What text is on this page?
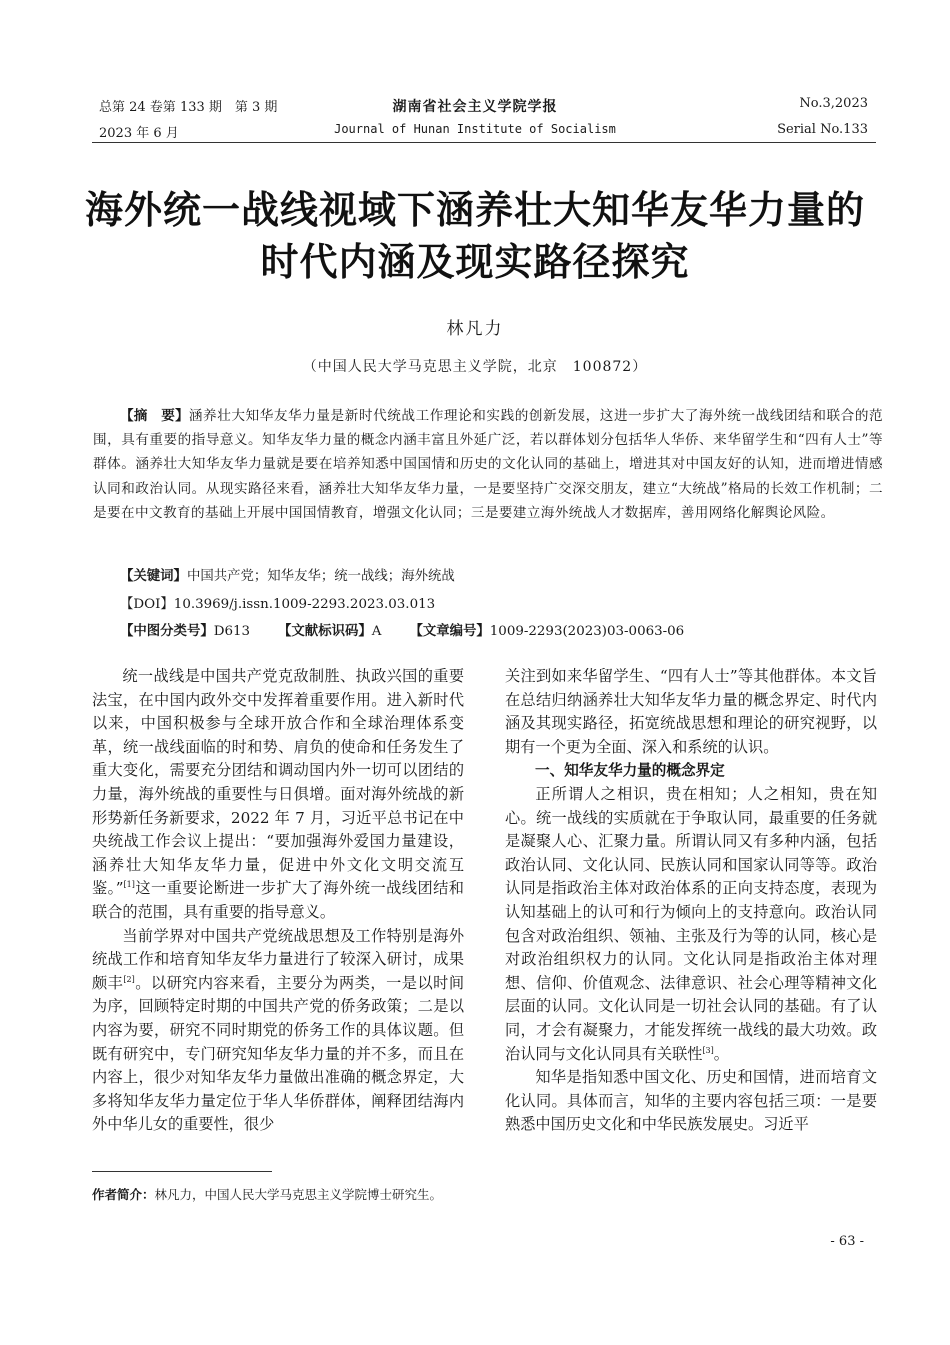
总第 24 卷第 133 期　第 3 期
2023 年 6 月
湖南省社会主义学院学报
Journal of Hunan Institute of Socialism
No.3,2023
Serial No.133
海外统一战线视域下涵养壮大知华友华力量的
时代内涵及现实路径探究
林凡力
（中国人民大学马克思主义学院，北京　100872）
【摘　要】涵养壮大知华友华力量是新时代统战工作理论和实践的创新发展，这进一步扩大了海外统一战线团结和联合的范围，具有重要的指导意义。知华友华力量的概念内涵丰富且外延广泛，若以群体划分包括华人华侨、来华留学生和“四有人士”等群体。涵养壮大知华友华力量就是要在培养知悉中国国情和历史的文化认同的基础上，增进其对中国友好的认知，进而增进情感认同和政治认同。从现实路径来看，涵养壮大知华友华力量，一是要坚持广交深交朋友，建立“大统战”格局的长效工作机制；二是要在中文教育的基础上开展中国国情教育，增强文化认同；三是要建立海外统战人才数据库，善用网络化解舆论风险。
【关键词】中国共产党；知华友华；统一战线；海外统战
【DOI】10.3969/j.issn.1009-2293.2023.03.013
【中图分类号】D613 【文献标识码】A 【文章编号】1009-2293(2023)03-0063-06

统一战线是中国共产党克敌制胜、执政兴国的重要法宝，在中国内政外交中发挥着重要作用。进入新时代以来，中国积极参与全球开放合作和全球治理体系变革，统一战线面临的时和势、肩负的使命和任务发生了重大变化，需要充分团结和调动国内外一切可以团结的力量，海外统战的重要性与日俱增。面对海外统战的新形势新任务新要求，2022 年 7 月，习近平总书记在中央统战工作会议上提出：“要加强海外爱国力量建设，涵养壮大知华友华力量，促进中外文化文明交流互鉴。”[1]这一重要论断进一步扩大了海外统一战线团结和联合的范围，具有重要的指导意义。

当前学界对中国共产党统战思想及工作特别是海外统战工作和培育知华友华力量进行了较深入研讨，成果颇丰[2]。以研究内容来看，主要分为两类，一是以时间为序，回顾特定时期的中国共产党的侨务政策；二是以内容为要，研究不同时期党的侨务工作的具体议题。但既有研究中，专门研究知华友华力量的并不多，而且在内容上，很少对知华友华力量做出准确的概念界定，大多将知华友华力量定位于华人华侨群体，阐释团结海内外中华儿女的重要性，很少

关注到如来华留学生、“四有人士”等其他群体。本文旨在总结归纳涵养壮大知华友华力量的概念界定、时代内涵及其现实路径，拓宽统战思想和理论的研究视野，以期有一个更为全面、深入和系统的认识。

一、知华友华力量的概念界定

正所谓人之相识，贵在相知；人之相知，贵在知心。统一战线的实质就在于争取认同，最重要的任务就是凝聚人心、汇聚力量。所谓认同又有多种内涵，包括政治认同、文化认同、民族认同和国家认同等等。政治认同是指政治主体对政治体系的正向支持态度，表现为认知基础上的认可和行为倾向上的支持意向。政治认同包含对政治组织、领袖、主张及行为等的认同，核心是对政治组织权力的认同。文化认同是指政治主体对理想、信仰、价值观念、法律意识、社会心理等精神文化层面的认同。文化认同是一切社会认同的基础。有了认同，才会有凝聚力，才能发挥统一战线的最大功效。政治认同与文化认同具有关联性[3]。

知华是指知悉中国文化、历史和国情，进而培育文化认同。具体而言，知华的主要内容包括三项：一是要熟悉中国历史文化和中华民族发展史。习近平

作者简介：林凡力，中国人民大学马克思主义学院博士研究生。
- 63 -
